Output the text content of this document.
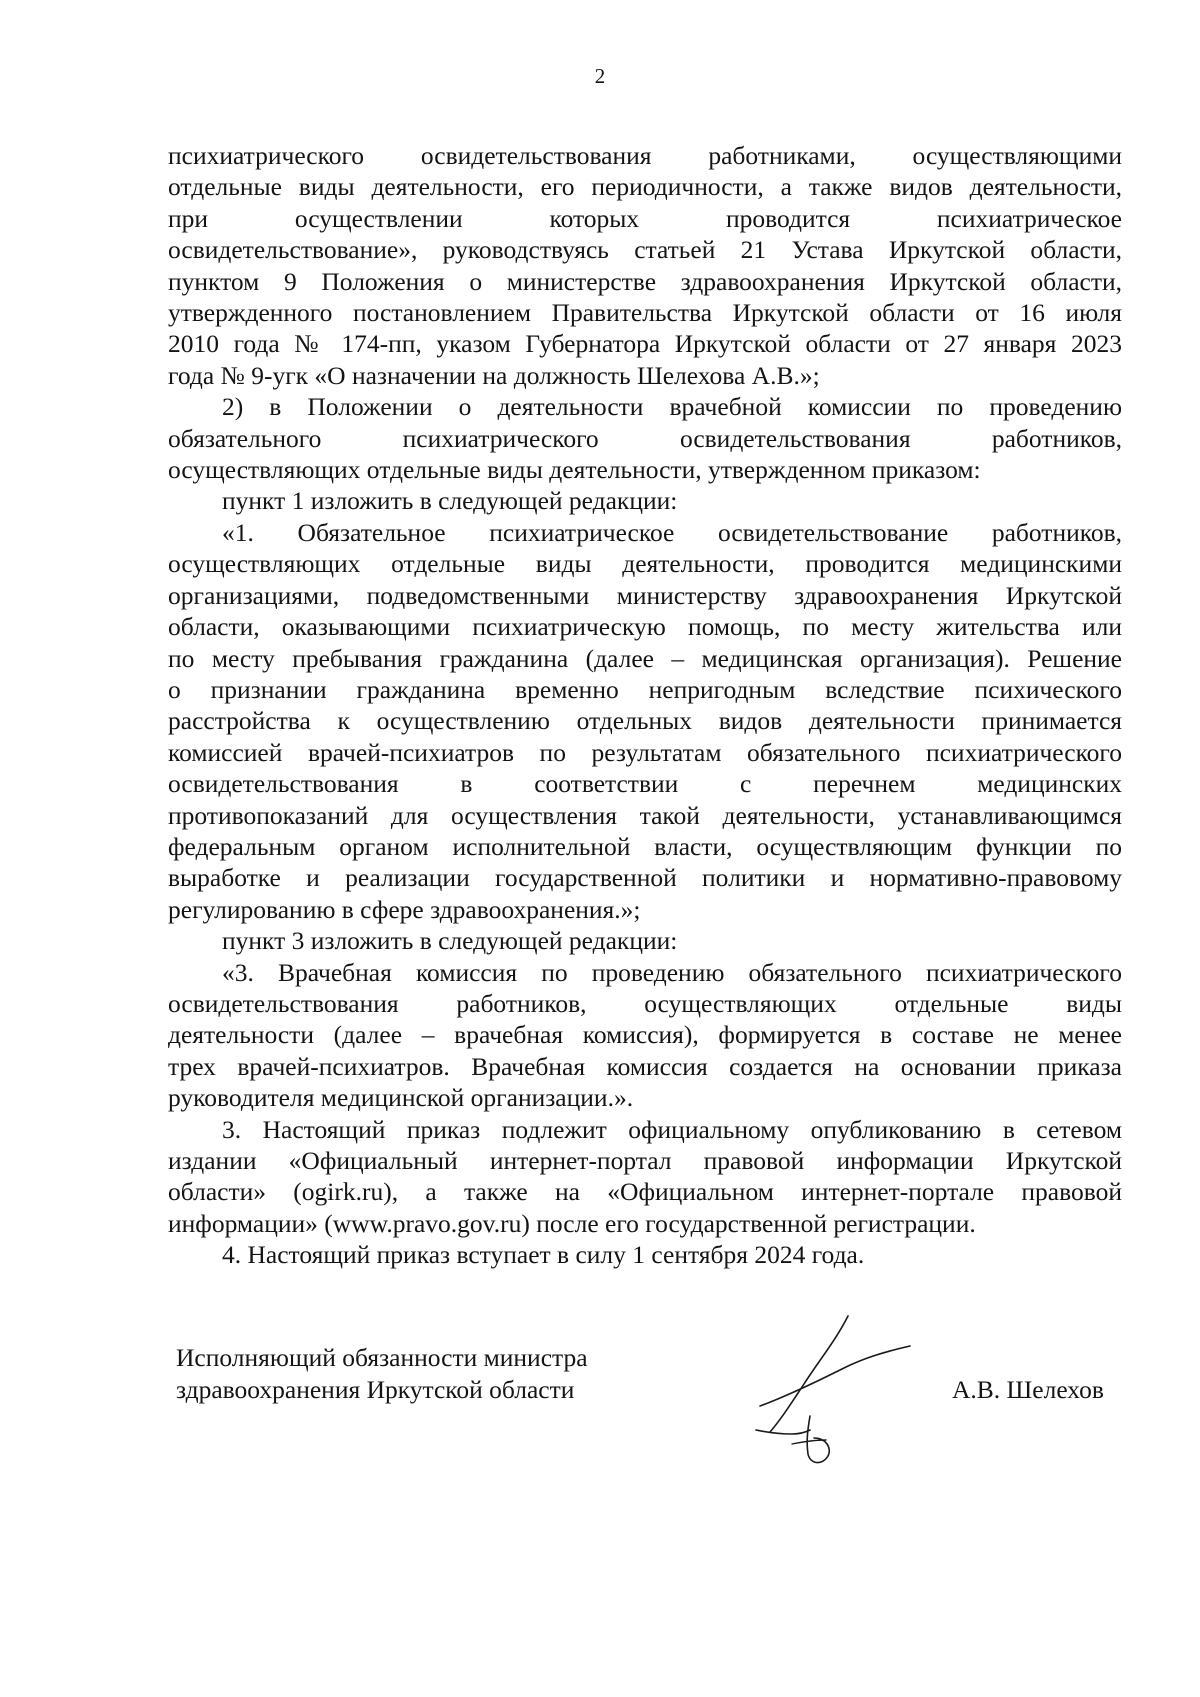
2

психиатрического освидетельствования работниками, осуществляющими

отдельные виды деятельности, его периодичности, а также видов деятельности,

при осуществлении которых проводится психиатрическое

освидетельствование», руководствуясь статьей 21 Устава Иркутской области,

пунктом 9 Положения о министерстве здравоохранения Иркутской области,

утвержденного постановлением Правительства Иркутской области от 16 июля

2010 года № 174-пп, указом Губернатора Иркутской области от 27 января 2023

года № 9-угк «О назначении на должность Шелехова А.В.»;

2) в Положении о деятельности врачебной комиссии по проведению

обязательного психиатрического освидетельствования работников,

осуществляющих отдельные виды деятельности, утвержденном приказом:

пункт 1 изложить в следующей редакции:

«1. Обязательное психиатрическое освидетельствование работников,

осуществляющих отдельные виды деятельности, проводится медицинскими

организациями, подведомственными министерству здравоохранения Иркутской

области, оказывающими психиатрическую помощь, по месту жительства или

по месту пребывания гражданина (далее – медицинская организация). Решение

о признании гражданина временно непригодным вследствие психического

расстройства к осуществлению отдельных видов деятельности принимается

комиссией врачей-психиатров по результатам обязательного психиатрического

освидетельствования в соответствии с перечнем медицинских

противопоказаний для осуществления такой деятельности, устанавливающимся

федеральным органом исполнительной власти, осуществляющим функции по

выработке и реализации государственной политики и нормативно-правовому

регулированию в сфере здравоохранения.»;

пункт 3 изложить в следующей редакции:

«3. Врачебная комиссия по проведению обязательного психиатрического

освидетельствования работников, осуществляющих отдельные виды

деятельности (далее – врачебная комиссия), формируется в составе не менее

трех врачей-психиатров. Врачебная комиссия создается на основании приказа

руководителя медицинской организации.».

3. Настоящий приказ подлежит официальному опубликованию в сетевом

издании «Официальный интернет-портал правовой информации Иркутской

области» (ogirk.ru), а также на «Официальном интернет-портале правовой

информации» (www.pravo.gov.ru) после его государственной регистрации.

4. Настоящий приказ вступает в силу 1 сентября 2024 года.

Исполняющий обязанности министра
здравоохранения Иркутской области	А.В. Шелехов
